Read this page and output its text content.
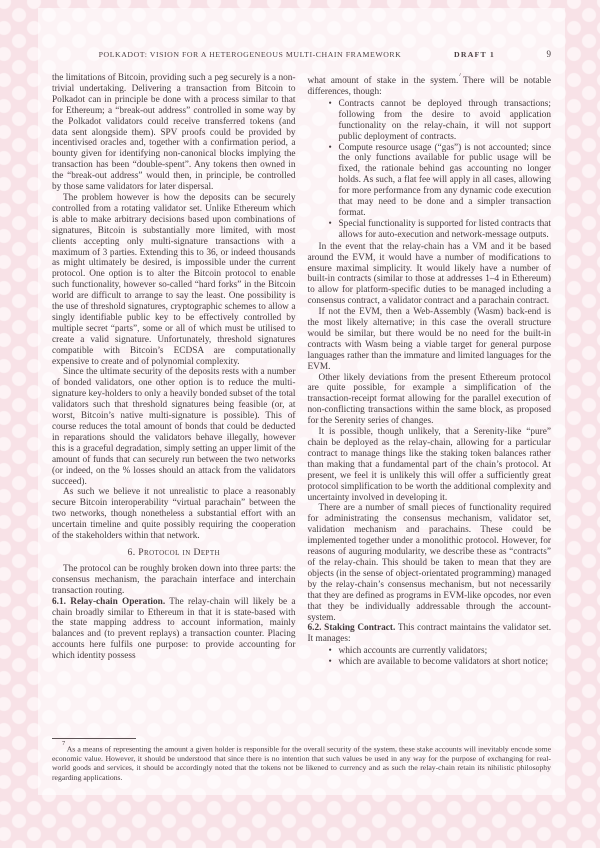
POLKADOT: VISION FOR A HETEROGENEOUS MULTI-CHAIN FRAMEWORK	DRAFT 1	9

the limitations of Bitcoin, providing such a peg securely is a non-trivial undertaking. Delivering a transaction from Bitcoin to Polkadot can in principle be done with a process similar to that for Ethereum; a “break-out address” controlled in some way by the Polkadot validators could receive transferred tokens (and data sent alongside them). SPV proofs could be provided by incentivised oracles and, together with a confirmation period, a bounty given for identifying non-canonical blocks implying the transaction has been “double-spent”. Any tokens then owned in the “break-out address” would then, in principle, be controlled by those same validators for later dispersal.

The problem however is how the deposits can be securely controlled from a rotating validator set. Unlike Ethereum which is able to make arbitrary decisions based upon combinations of signatures, Bitcoin is substantially more limited, with most clients accepting only multi-signature transactions with a maximum of 3 parties. Extending this to 36, or indeed thousands as might ultimately be desired, is impossible under the current protocol. One option is to alter the Bitcoin protocol to enable such functionality, however so-called “hard forks” in the Bitcoin world are difficult to arrange to say the least. One possibility is the use of threshold signatures, cryptographic schemes to allow a singly identifiable public key to be effectively controlled by multiple secret “parts”, some or all of which must be utilised to create a valid signature. Unfortunately, threshold signatures compatible with Bitcoin’s ECDSA are computationally expensive to create and of polynomial complexity.

Since the ultimate security of the deposits rests with a number of bonded validators, one other option is to reduce the multi-signature key-holders to only a heavily bonded subset of the total validators such that threshold signatures being feasible (or, at worst, Bitcoin’s native multi-signature is possible). This of course reduces the total amount of bonds that could be deducted in reparations should the validators behave illegally, however this is a graceful degradation, simply setting an upper limit of the amount of funds that can securely run between the two networks (or indeed, on the % losses should an attack from the validators succeed).

As such we believe it not unrealistic to place a reasonably secure Bitcoin interoperability “virtual parachain” between the two networks, though nonetheless a substantial effort with an uncertain timeline and quite possibly requiring the cooperation of the stakeholders within that network.

6. Protocol in Depth

The protocol can be roughly broken down into three parts: the consensus mechanism, the parachain interface and interchain transaction routing.

6.1. Relay-chain Operation. The relay-chain will likely be a chain broadly similar to Ethereum in that it is state-based with the state mapping address to account information, mainly balances and (to prevent replays) a transaction counter. Placing accounts here fulfils one purpose: to provide accounting for which identity possess

what amount of stake in the system.$^7$There will be notable differences, though:

• Contracts cannot be deployed through transactions; following from the desire to avoid application functionality on the relay-chain, it will not support public deployment of contracts.
• Compute resource usage (“gas”) is not accounted; since the only functions available for public usage will be fixed, the rationale behind gas accounting no longer holds. As such, a flat fee will apply in all cases, allowing for more performance from any dynamic code execution that may need to be done and a simpler transaction format.
• Special functionality is supported for listed contracts that allows for auto-execution and network-message outputs.

In the event that the relay-chain has a VM and it be based around the EVM, it would have a number of modifications to ensure maximal simplicity. It would likely have a number of built-in contracts (similar to those at addresses 1–4 in Ethereum) to allow for platform-specific duties to be managed including a consensus contract, a validator contract and a parachain contract.

If not the EVM, then a Web-Assembly (Wasm) back-end is the most likely alternative; in this case the overall structure would be similar, but there would be no need for the built-in contracts with Wasm being a viable target for general purpose languages rather than the immature and limited languages for the EVM.

Other likely deviations from the present Ethereum protocol are quite possible, for example a simplification of the transaction-receipt format allowing for the parallel execution of non-conflicting transactions within the same block, as proposed for the Serenity series of changes.

It is possible, though unlikely, that a Serenity-like “pure” chain be deployed as the relay-chain, allowing for a particular contract to manage things like the staking token balances rather than making that a fundamental part of the chain’s protocol. At present, we feel it is unlikely this will offer a sufficiently great protocol simplification to be worth the additional complexity and uncertainty involved in developing it.

There are a number of small pieces of functionality required for administrating the consensus mechanism, validator set, validation mechanism and parachains. These could be implemented together under a monolithic protocol. However, for reasons of auguring modularity, we describe these as “contracts” of the relay-chain. This should be taken to mean that they are objects (in the sense of object-orientated programming) managed by the relay-chain’s consensus mechanism, but not necessarily that they are defined as programs in EVM-like opcodes, nor even that they be individually addressable through the account-system.

6.2. Staking Contract. This contract maintains the validator set. It manages:

• which accounts are currently validators;
• which are available to become validators at short notice;

$^7$As a means of representing the amount a given holder is responsible for the overall security of the system, these stake accounts will inevitably encode some economic value. However, it should be understood that since there is no intention that such values be used in any way for the purpose of exchanging for real-world goods and services, it should be accordingly noted that the tokens not be likened to currency and as such the relay-chain retain its nihilistic philosophy regarding applications.
